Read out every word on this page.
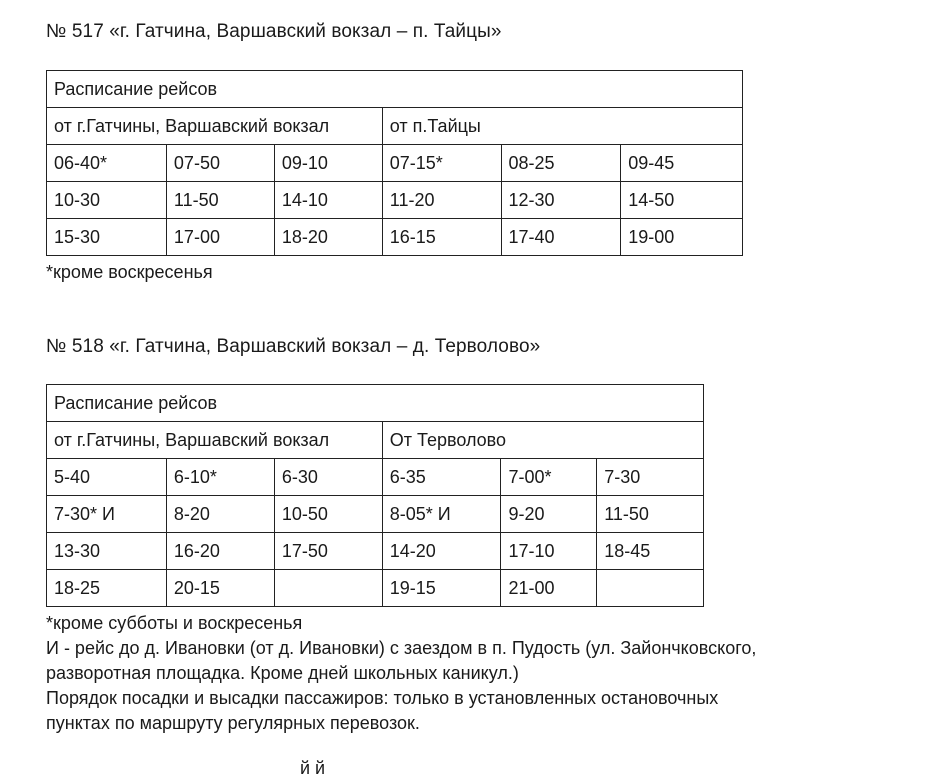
№ 517 «г. Гатчина, Варшавский вокзал – п. Тайцы»
Расписание рейсов					
от г.Гатчины, Варшавский вокзал			от п.Тайцы		
06-40*	07-50	09-10	07-15*	08-25	09-45
10-30	11-50	14-10	11-20	12-30	14-50
15-30	17-00	18-20	16-15	17-40	19-00

*кроме воскресенья

№ 518 «г. Гатчина, Варшавский вокзал – д. Терволово»
Расписание рейсов					
от г.Гатчины, Варшавский вокзал			От Терволово		
5-40	6-10*	6-30	6-35	7-00*	7-30
7-30* И	8-20	10-50	8-05* И	9-20	11-50
13-30	16-20	17-50	14-20	17-10	18-45
18-25	20-15		19-15	21-00	

*кроме субботы и воскресенья

И - рейс до д. Ивановки (от д. Ивановки) с заездом в п. Пудость (ул. Зайончковского,

разворотная площадка. Кроме дней школьных каникул.)

Порядок посадки и высадки пассажиров: только в установленных остановочных

пунктах по маршруту регулярных перевозок.

й й
